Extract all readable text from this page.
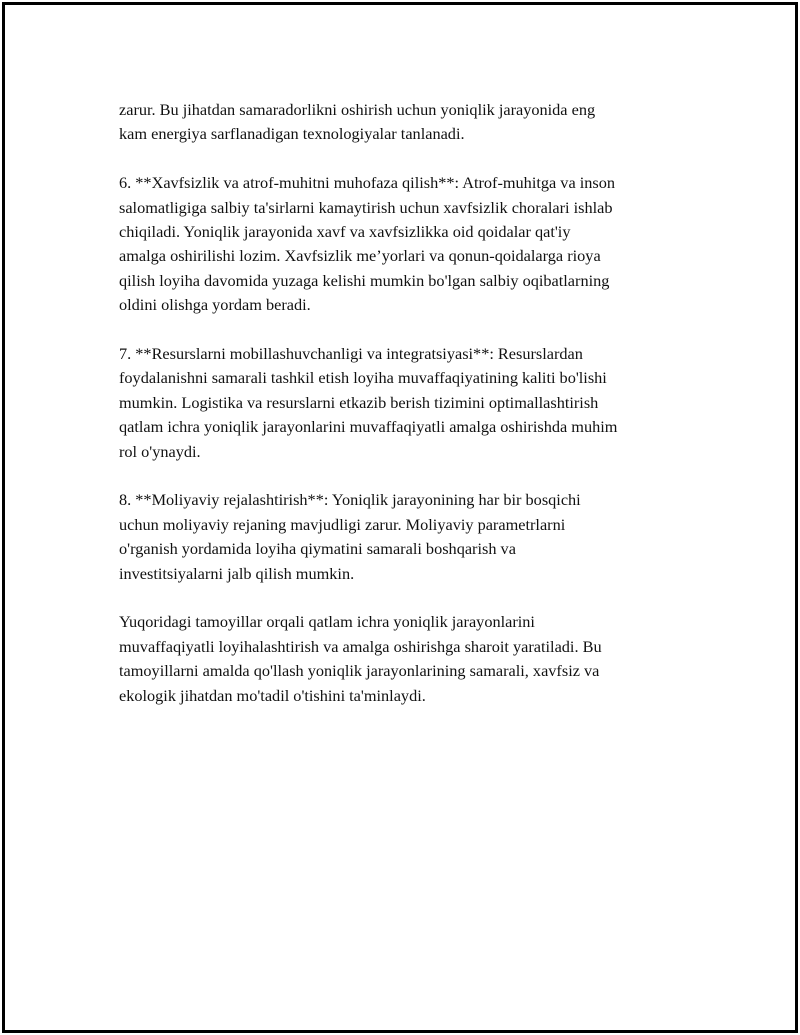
zarur. Bu jihatdan samaradorlikni oshirish uchun yoniqlik jarayonida eng
kam energiya sarflanadigan texnologiyalar tanlanadi.

6. **Xavfsizlik va atrof-muhitni muhofaza qilish**: Atrof-muhitga va inson
salomatligiga salbiy ta'sirlarni kamaytirish uchun xavfsizlik choralari ishlab
chiqiladi. Yoniqlik jarayonida xavf va xavfsizlikka oid qoidalar qat'iy
amalga oshirilishi lozim. Xavfsizlik me’yorlari va qonun-qoidalarga rioya
qilish loyiha davomida yuzaga kelishi mumkin bo'lgan salbiy oqibatlarning
oldini olishga yordam beradi.

7. **Resurslarni mobillashuvchanligi va integratsiyasi**: Resurslardan
foydalanishni samarali tashkil etish loyiha muvaffaqiyatining kaliti bo'lishi
mumkin. Logistika va resurslarni etkazib berish tizimini optimallashtirish
qatlam ichra yoniqlik jarayonlarini muvaffaqiyatli amalga oshirishda muhim
rol o'ynaydi.

8. **Moliyaviy rejalashtirish**: Yoniqlik jarayonining har bir bosqichi
uchun moliyaviy rejaning mavjudligi zarur. Moliyaviy parametrlarni
o'rganish yordamida loyiha qiymatini samarali boshqarish va
investitsiyalarni jalb qilish mumkin.

Yuqoridagi tamoyillar orqali qatlam ichra yoniqlik jarayonlarini
muvaffaqiyatli loyihalashtirish va amalga oshirishga sharoit yaratiladi. Bu
tamoyillarni amalda qo'llash yoniqlik jarayonlarining samarali, xavfsiz va
ekologik jihatdan mo'tadil o'tishini ta'minlaydi.
